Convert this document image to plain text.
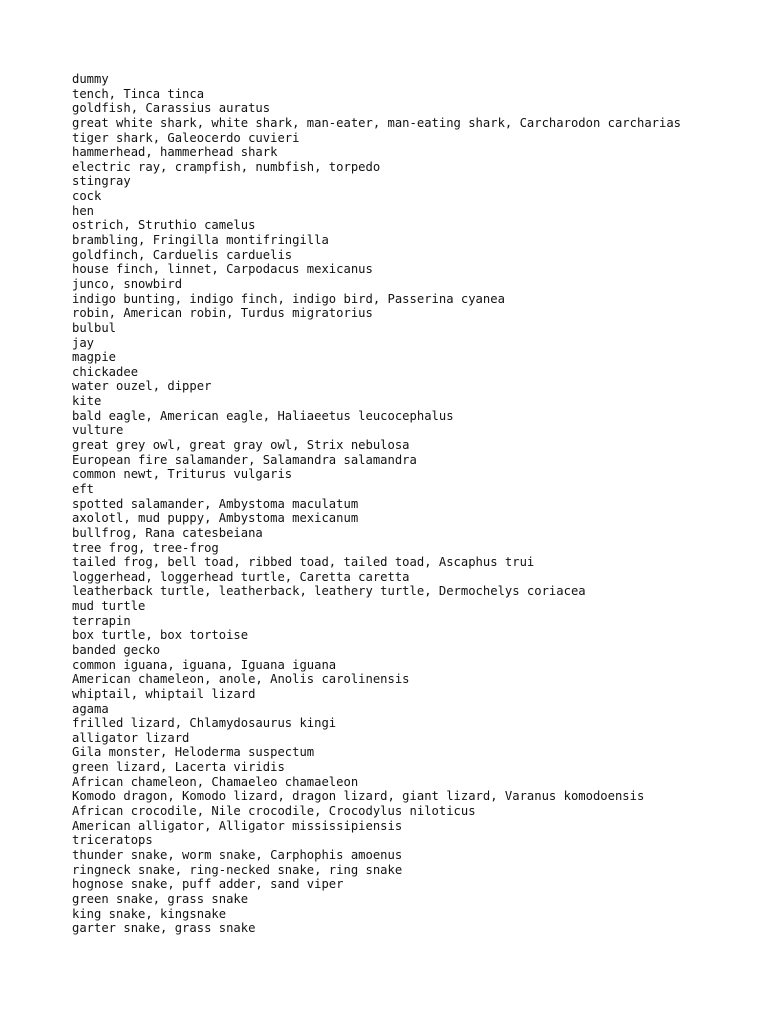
dummy
tench, Tinca tinca
goldfish, Carassius auratus
great white shark, white shark, man-eater, man-eating shark, Carcharodon carcharias
tiger shark, Galeocerdo cuvieri
hammerhead, hammerhead shark
electric ray, crampfish, numbfish, torpedo
stingray
cock
hen
ostrich, Struthio camelus
brambling, Fringilla montifringilla
goldfinch, Carduelis carduelis
house finch, linnet, Carpodacus mexicanus
junco, snowbird
indigo bunting, indigo finch, indigo bird, Passerina cyanea
robin, American robin, Turdus migratorius
bulbul
jay
magpie
chickadee
water ouzel, dipper
kite
bald eagle, American eagle, Haliaeetus leucocephalus
vulture
great grey owl, great gray owl, Strix nebulosa
European fire salamander, Salamandra salamandra
common newt, Triturus vulgaris
eft
spotted salamander, Ambystoma maculatum
axolotl, mud puppy, Ambystoma mexicanum
bullfrog, Rana catesbeiana
tree frog, tree-frog
tailed frog, bell toad, ribbed toad, tailed toad, Ascaphus trui
loggerhead, loggerhead turtle, Caretta caretta
leatherback turtle, leatherback, leathery turtle, Dermochelys coriacea
mud turtle
terrapin
box turtle, box tortoise
banded gecko
common iguana, iguana, Iguana iguana
American chameleon, anole, Anolis carolinensis
whiptail, whiptail lizard
agama
frilled lizard, Chlamydosaurus kingi
alligator lizard
Gila monster, Heloderma suspectum
green lizard, Lacerta viridis
African chameleon, Chamaeleo chamaeleon
Komodo dragon, Komodo lizard, dragon lizard, giant lizard, Varanus komodoensis
African crocodile, Nile crocodile, Crocodylus niloticus
American alligator, Alligator mississipiensis
triceratops
thunder snake, worm snake, Carphophis amoenus
ringneck snake, ring-necked snake, ring snake
hognose snake, puff adder, sand viper
green snake, grass snake
king snake, kingsnake
garter snake, grass snake
